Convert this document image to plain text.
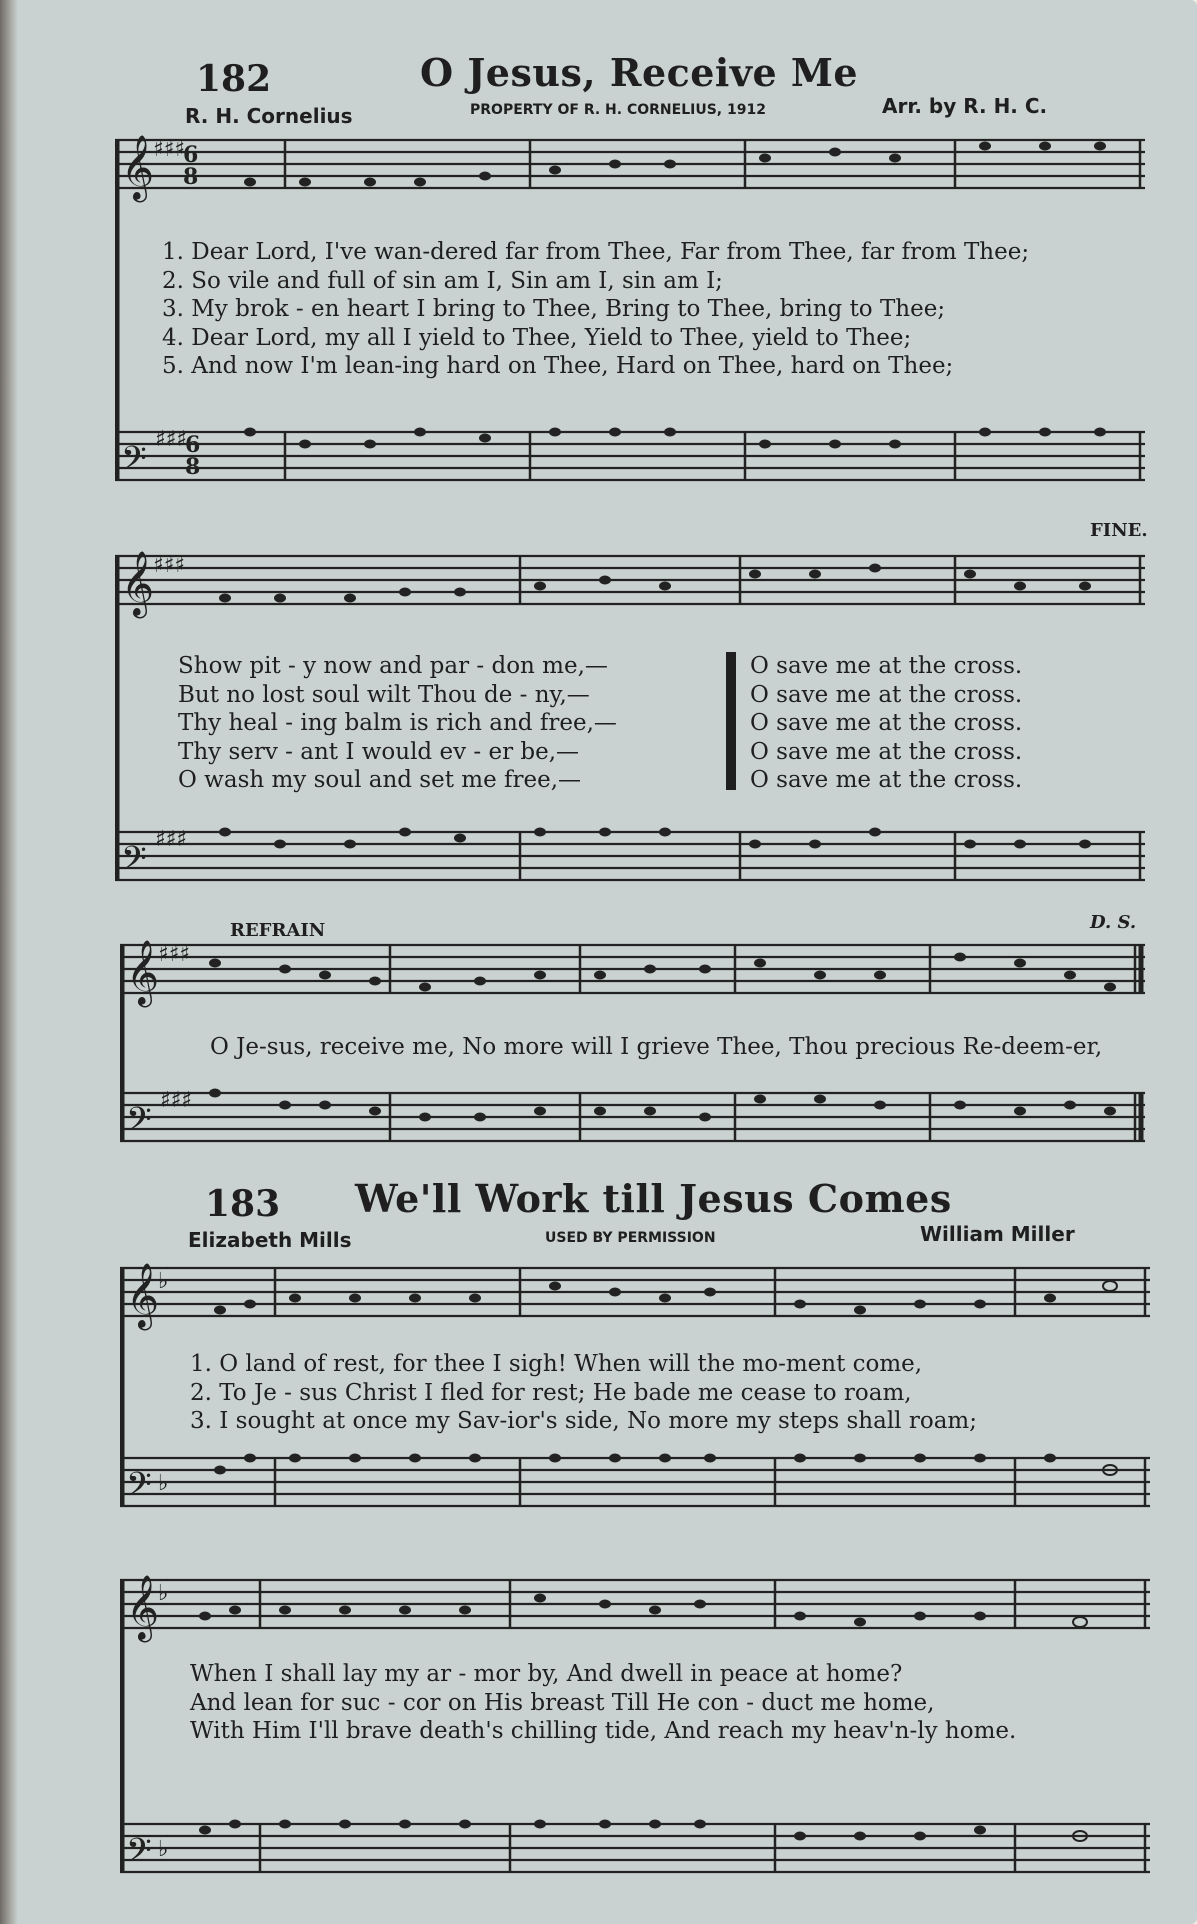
182	O Jesus, Receive Me
R. H. Cornelius	PROPERTY OF R. H. CORNELIUS, 1912	Arr. by R. H. C.
𝄞
♯♯♯
6
8
𝄢
♯♯♯
6
8
1. Dear Lord, I've wan-dered far from Thee, Far from Thee, far from Thee;
2. So vile and full of sin am I, Sin am I, sin am I;
3. My brok - en heart I bring to Thee, Bring to Thee, bring to Thee;
4. Dear Lord, my all I yield to Thee, Yield to Thee, yield to Thee;
5. And now I'm lean-ing hard on Thee, Hard on Thee, hard on Thee;
FINE.
𝄞
♯♯♯
𝄢
♯♯♯
Show pit - y now and par - don me,—
But no lost soul wilt Thou de - ny,—
Thy heal - ing balm is rich and free,—
Thy serv - ant I would ev - er be,—
O wash my soul and set me free,—
O save me at the cross.
O save me at the cross.
O save me at the cross.
O save me at the cross.
O save me at the cross.
REFRAIN	D. S.
𝄞
♯♯♯
𝄢
♯♯♯
O Je-sus, receive me, No more will I grieve Thee, Thou precious Re-deem-er,
183 We'll Work till Jesus Comes
Elizabeth Mills	USED BY PERMISSION	William Miller
𝄞
♭
𝄢 ♭
1. O land of rest, for thee I sigh! When will the mo-ment come,
2. To Je - sus Christ I fled for rest; He bade me cease to roam,
3. I sought at once my Sav-ior's side, No more my steps shall roam;
𝄞
♭
𝄢 ♭
When I shall lay my ar - mor by, And dwell in peace at home?
And lean for suc - cor on His breast Till He con - duct me home,
With Him I'll brave death's chilling tide, And reach my heav'n-ly home.
